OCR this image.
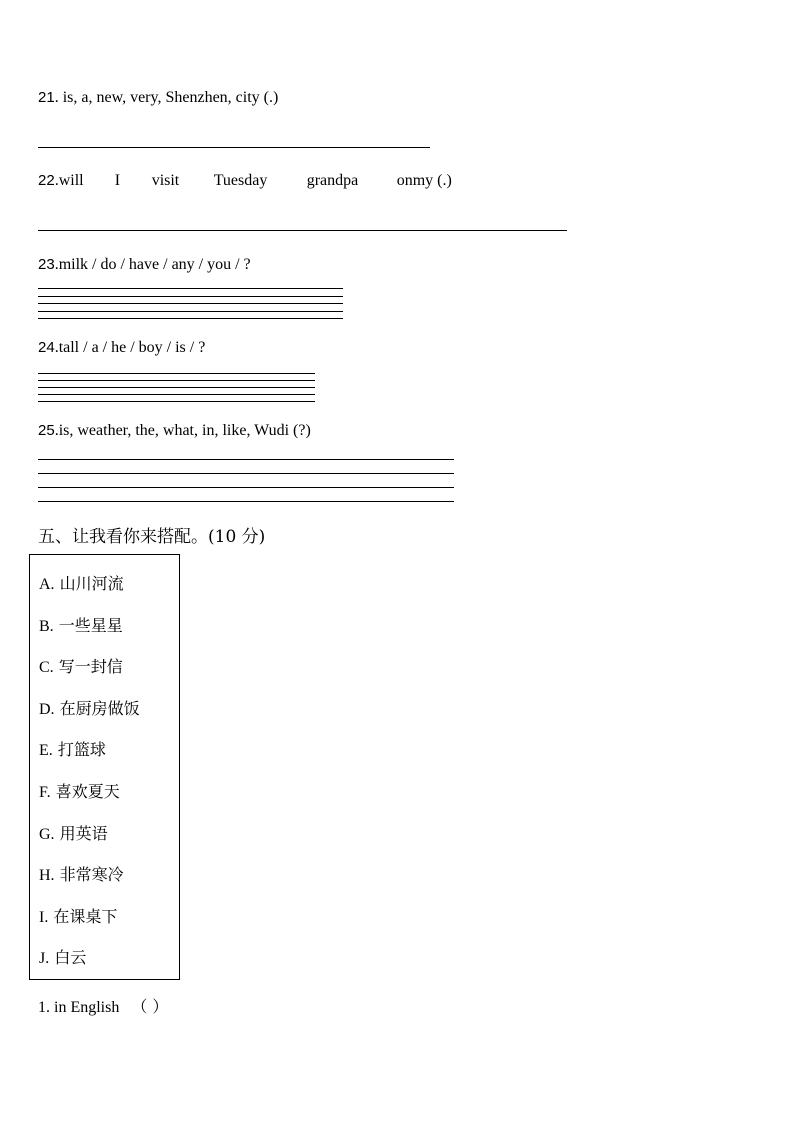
21. is, a, new, very, Shenzhen, city (.)
22.will I visit Tuesday grandpa onmy (.)
23.milk / do / have / any / you / ?
24.tall / a / he / boy / is / ?
25.is, weather, the, what, in, like, Wudi (?)
五、让我看你来搭配。(10 分)
A. 山川河流
B. 一些星星
C. 写一封信
D. 在厨房做饭
E. 打篮球
F. 喜欢夏天
G. 用英语
H. 非常寒冷
I. 在课桌下
J. 白云
1. in English （ ）
